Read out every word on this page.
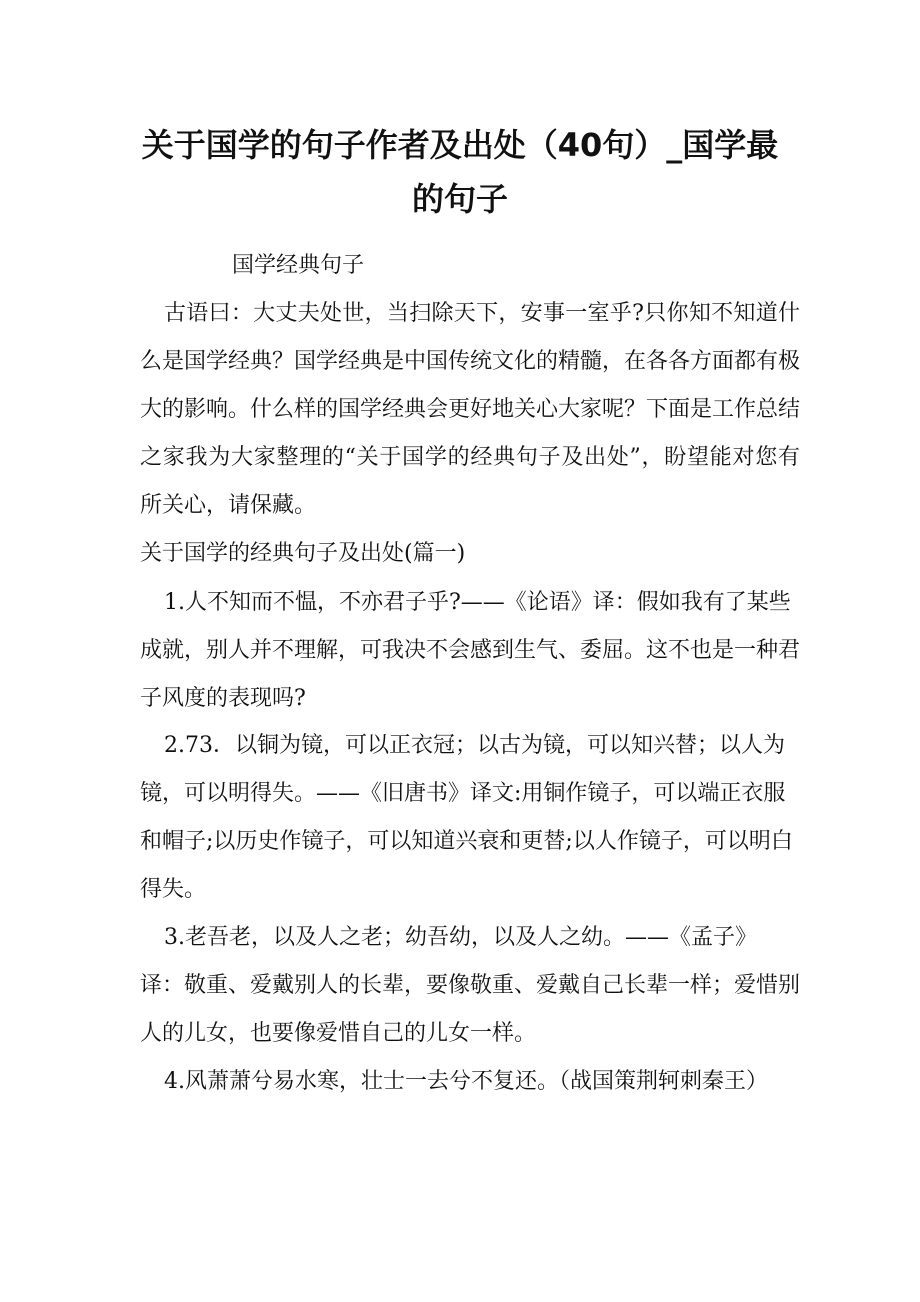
关于国学的句子作者及出处（40句）_国学最的句子
国学经典句子
古语曰：大丈夫处世，当扫除天下，安事一室乎?只你知不知道什么是国学经典？国学经典是中国传统文化的精髓，在各各方面都有极大的影响。什么样的国学经典会更好地关心大家呢？下面是工作总结之家我为大家整理的“关于国学的经典句子及出处”，盼望能对您有所关心，请保藏。
关于国学的经典句子及出处(篇一)

1.人不知而不愠，不亦君子乎?——《论语》译：假如我有了某些成就，别人并不理解，可我决不会感到生气、委屈。这不也是一种君子风度的表现吗?

2.73．以铜为镜，可以正衣冠；以古为镜，可以知兴替；以人为镜，可以明得失。——《旧唐书》译文:用铜作镜子，可以端正衣服和帽子;以历史作镜子，可以知道兴衰和更替;以人作镜子，可以明白得失。

3.老吾老，以及人之老；幼吾幼，以及人之幼。——《孟子》译：敬重、爱戴别人的长辈，要像敬重、爱戴自己长辈一样；爱惜别人的儿女，也要像爱惜自己的儿女一样。

4.风萧萧兮易水寒，壮士一去兮不复还。（战国策荆轲刺秦王）
